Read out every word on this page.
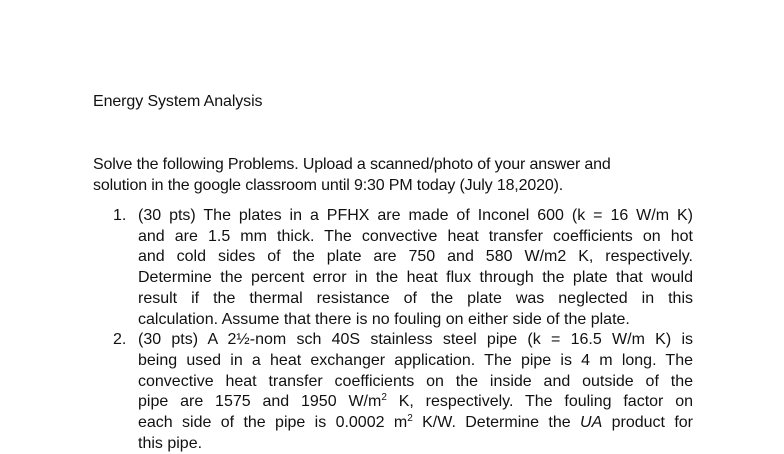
Energy System Analysis
Solve the following Problems. Upload a scanned/photo of your answer and
solution in the google classroom until 9:30 PM today (July 18,2020).
1. (30 pts) The plates in a PFHX are made of Inconel 600 (k = 16 W/m K)
and are 1.5 mm thick. The convective heat transfer coefficients on hot
and cold sides of the plate are 750 and 580 W/m2 K, respectively.
Determine the percent error in the heat flux through the plate that would
result if the thermal resistance of the plate was neglected in this
calculation. Assume that there is no fouling on either side of the plate.
2. (30 pts) A 2½-nom sch 40S stainless steel pipe (k = 16.5 W/m K) is
being used in a heat exchanger application. The pipe is 4 m long. The
convective heat transfer coefficients on the inside and outside of the
pipe are 1575 and 1950 $W/m^2$ K, respectively. The fouling factor on
each side of the pipe is 0.0002 $m^2$ K/W. Determine the UA product for
this pipe.
